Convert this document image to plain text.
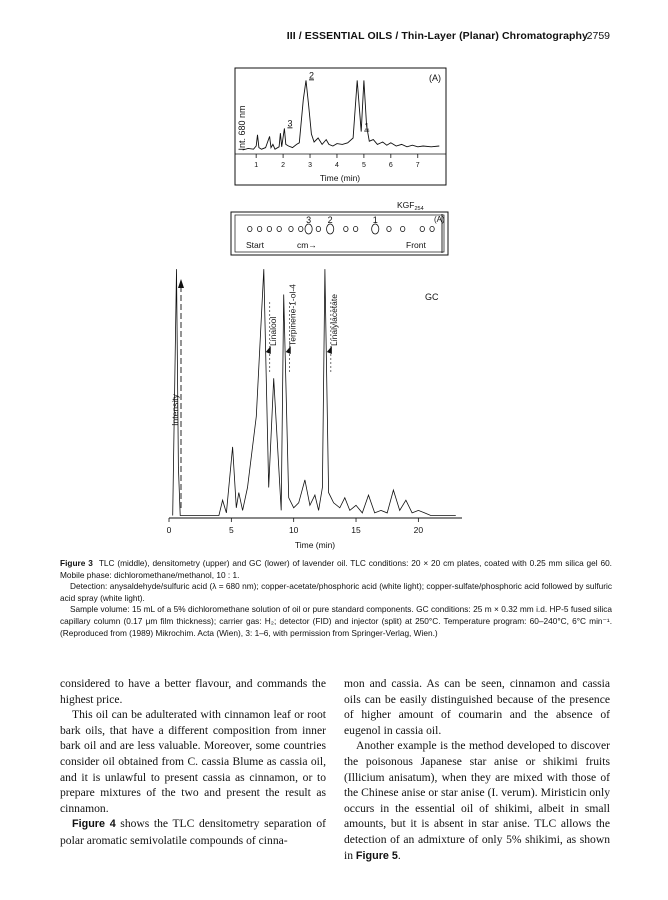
III / ESSENTIAL OILS / Thin-Layer (Planar) Chromatography
2759
(A)
Int. 680 nm
Time (min)
1	2	3	4	5	6	7
2
1
3
$KGF_{254}$
(A)
3 2	1
Start	cm→	Front
GC
Intensity
Time (min)
0	5	10	15	20
Linalool Terpinene-1-ol-4	Linalylacetate

Figure 3 TLC (middle), densitometry (upper) and GC (lower) of lavender oil. TLC conditions: 20 × 20 cm plates, coated with 0.25 mm silica gel 60. Mobile phase: dichloromethane/methanol, 10 : 1.

Detection: anysaldehyde/sulfuric acid (λ = 680 nm); copper-acetate/phosphoric acid (white light); copper-sulfate/phosphoric acid followed by sulfuric acid spray (white light).

Sample volume: 15 mL of a 5% dichloromethane solution of oil or pure standard components. GC conditions: 25 m × 0.32 mm i.d. HP-5 fused silica capillary column (0.17 μm film thickness); carrier gas: H₂; detector (FID) and injector (split) at 250°C. Temperature program: 60–240°C, 6°C min⁻¹. (Reproduced from (1989) Mikrochim. Acta (Wien), 3: 1–6, with permission from Springer-Verlag, Wien.)

considered to have a better flavour, and commands the highest price.

This oil can be adulterated with cinnamon leaf or root bark oils, that have a different composition from inner bark oil and are less valuable. Moreover, some countries consider oil obtained from C. cassia Blume as cassia oil, and it is unlawful to present cassia as cinnamon, or to prepare mixtures of the two and present the result as cinnamon.

Figure 4 shows the TLC densitometry separation of polar aromatic semivolatile compounds of cinna-

mon and cassia. As can be seen, cinnamon and cassia oils can be easily distinguished because of the presence of higher amount of coumarin and the absence of eugenol in cassia oil.

Another example is the method developed to discover the poisonous Japanese star anise or shikimi fruits (Illicium anisatum), when they are mixed with those of the Chinese anise or star anise (I. verum). Miristicin only occurs in the essential oil of shikimi, albeit in small amounts, but it is absent in star anise. TLC allows the detection of an admixture of only 5% shikimi, as shown in Figure 5.
